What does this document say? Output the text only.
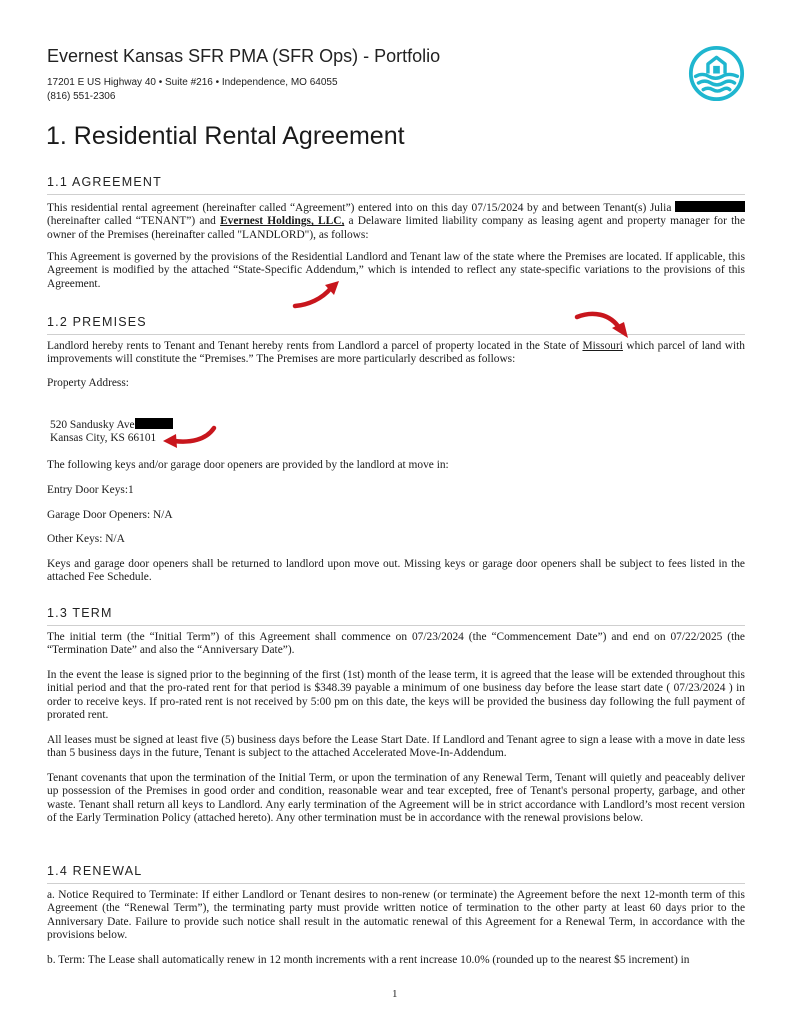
Evernest Kansas SFR PMA (SFR Ops) - Portfolio
17201 E US Highway 40 • Suite #216 • Independence, MO 64055
(816) 551-2306
1. Residential Rental Agreement
1.1 AGREEMENT

This residential rental agreement (hereinafter called “Agreement”) entered into on this day 07/15/2024 by and between Tenant(s) Julia  (hereinafter called “TENANT”) and Evernest Holdings, LLC, a Delaware limited liability company as leasing agent and property manager for the owner of the Premises (hereinafter called "LANDLORD"), as follows:

This Agreement is governed by the provisions of the Residential Landlord and Tenant law of the state where the Premises are located. If applicable, this Agreement is modified by the attached “State-Specific Addendum,” which is intended to reflect any state-specific variations to the provisions of this Agreement.

1.2 PREMISES

Landlord hereby rents to Tenant and Tenant hereby rents from Landlord a parcel of property located in the State of Missouri which parcel of land with improvements will constitute the “Premises.” The Premises are more particularly described as follows:

Property Address:

520 Sandusky Ave
Kansas City, KS 66101

The following keys and/or garage door openers are provided by the landlord at move in:

Entry Door Keys:1

Garage Door Openers: N/A

Other Keys: N/A

Keys and garage door openers shall be returned to landlord upon move out. Missing keys or garage door openers shall be subject to fees listed in the attached Fee Schedule.

1.3 TERM

The initial term (the “Initial Term”) of this Agreement shall commence on 07/23/2024 (the “Commencement Date”) and end on 07/22/2025 (the “Termination Date” and also the “Anniversary Date”).

In the event the lease is signed prior to the beginning of the first (1st) month of the lease term, it is agreed that the lease will be extended throughout this initial period and that the pro-rated rent for that period is $348.39 payable a minimum of one business day before the lease start date ( 07/23/2024 ) in order to receive keys. If pro-rated rent is not received by 5:00 pm on this date, the keys will be provided the business day following the full payment of prorated rent.

All leases must be signed at least five (5) business days before the Lease Start Date. If Landlord and Tenant agree to sign a lease with a move in date less than 5 business days in the future, Tenant is subject to the attached Accelerated Move-In-Addendum.

Tenant covenants that upon the termination of the Initial Term, or upon the termination of any Renewal Term, Tenant will quietly and peaceably deliver up possession of the Premises in good order and condition, reasonable wear and tear excepted, free of Tenant's personal property, garbage, and other waste. Tenant shall return all keys to Landlord. Any early termination of the Agreement will be in strict accordance with Landlord’s most recent version of the Early Termination Policy (attached hereto). Any other termination must be in accordance with the renewal provisions below.

1.4 RENEWAL

a. Notice Required to Terminate: If either Landlord or Tenant desires to non-renew (or terminate) the Agreement before the next 12-month term of this Agreement (the “Renewal Term”), the terminating party must provide written notice of termination to the other party at least 60 days prior to the Anniversary Date. Failure to provide such notice shall result in the automatic renewal of this Agreement for a Renewal Term, in accordance with the provisions below.

b. Term: The Lease shall automatically renew in 12 month increments with a rent increase 10.0% (rounded up to the nearest $5 increment) in

1
